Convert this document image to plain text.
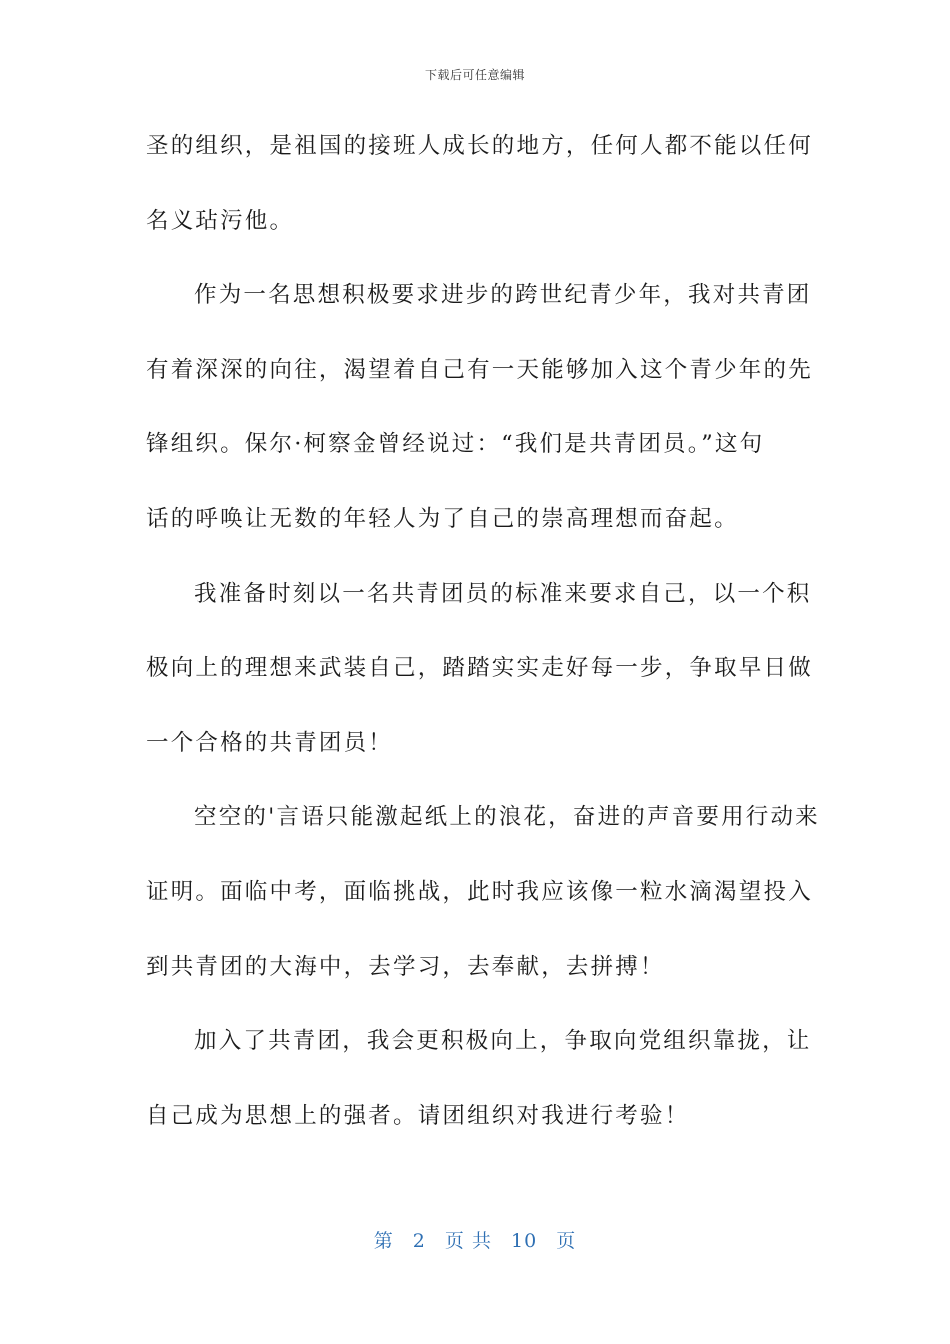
下载后可任意编辑
圣的组织，是祖国的接班人成长的地方，任何人都不能以任何
名义玷污他。
作为一名思想积极要求进步的跨世纪青少年，我对共青团
有着深深的向往，渴望着自己有一天能够加入这个青少年的先
锋组织。保尔·柯察金曾经说过：“我们是共青团员。”这句
话的呼唤让无数的年轻人为了自己的崇高理想而奋起。
我准备时刻以一名共青团员的标准来要求自己，以一个积
极向上的理想来武装自己，踏踏实实走好每一步，争取早日做
一个合格的共青团员！
空空的'言语只能激起纸上的浪花，奋进的声音要用行动来
证明。面临中考，面临挑战，此时我应该像一粒水滴渴望投入
到共青团的大海中，去学习，去奉献，去拼搏！
加入了共青团，我会更积极向上，争取向党组织靠拢，让
自己成为思想上的强者。请团组织对我进行考验！
第 2 页 共 10 页
